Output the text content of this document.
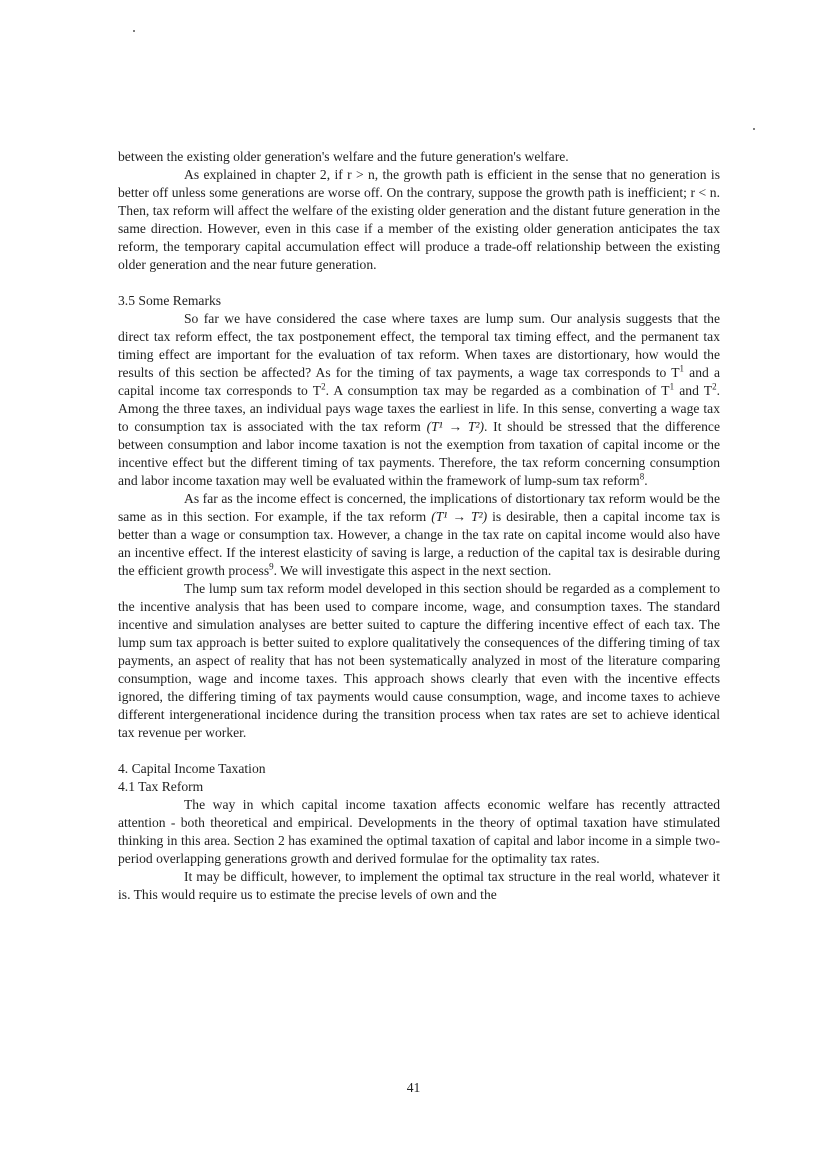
between the existing older generation's welfare and the future generation's welfare.

As explained in chapter 2, if r > n, the growth path is efficient in the sense that no generation is better off unless some generations are worse off. On the contrary, suppose the growth path is inefficient; r < n. Then, tax reform will affect the welfare of the existing older generation and the distant future generation in the same direction. However, even in this case if a member of the existing older generation anticipates the tax reform, the temporary capital accumulation effect will produce a trade-off relationship between the existing older generation and the near future generation.

3.5 Some Remarks

So far we have considered the case where taxes are lump sum. Our analysis suggests that the direct tax reform effect, the tax postponement effect, the temporal tax timing effect, and the permanent tax timing effect are important for the evaluation of tax reform. When taxes are distortionary, how would the results of this section be affected? As for the timing of tax payments, a wage tax corresponds to $T^1$ and a capital income tax corresponds to $T^2$. A consumption tax may be regarded as a combination of $T^1$ and $T^2$. Among the three taxes, an individual pays wage taxes the earliest in life. In this sense, converting a wage tax to consumption tax is associated with the tax reform (T¹ → T²). It should be stressed that the difference between consumption and labor income taxation is not the exemption from taxation of capital income or the incentive effect but the different timing of tax payments. Therefore, the tax reform concerning consumption and labor income taxation may well be evaluated within the framework of lump-sum tax reform$^8$.

As far as the income effect is concerned, the implications of distortionary tax reform would be the same as in this section. For example, if the tax reform (T¹ → T²) is desirable, then a capital income tax is better than a wage or consumption tax. However, a change in the tax rate on capital income would also have an incentive effect. If the interest elasticity of saving is large, a reduction of the capital tax is desirable during the efficient growth process$^9$. We will investigate this aspect in the next section.

The lump sum tax reform model developed in this section should be regarded as a complement to the incentive analysis that has been used to compare income, wage, and consumption taxes. The standard incentive and simulation analyses are better suited to capture the differing incentive effect of each tax. The lump sum tax approach is better suited to explore qualitatively the consequences of the differing timing of tax payments, an aspect of reality that has not been systematically analyzed in most of the literature comparing consumption, wage and income taxes. This approach shows clearly that even with the incentive effects ignored, the differing timing of tax payments would cause consumption, wage, and income taxes to achieve different intergenerational incidence during the transition process when tax rates are set to achieve identical tax revenue per worker.

4. Capital Income Taxation

4.1 Tax Reform

The way in which capital income taxation affects economic welfare has recently attracted attention - both theoretical and empirical. Developments in the theory of optimal taxation have stimulated thinking in this area. Section 2 has examined the optimal taxation of capital and labor income in a simple two-period overlapping generations growth and derived formulae for the optimality tax rates.

It may be difficult, however, to implement the optimal tax structure in the real world, whatever it is. This would require us to estimate the precise levels of own and the

41
